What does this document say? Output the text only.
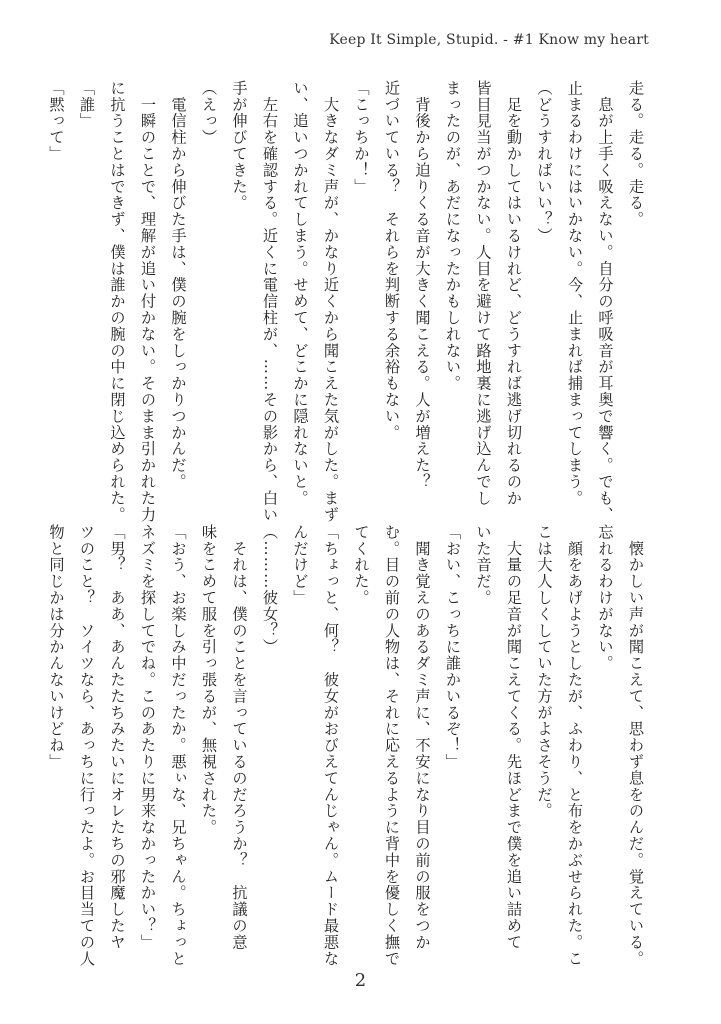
Keep It Simple, Stupid. - #1 Know my heart
走る。走る。走る。
　息が上手く吸えない。自分の呼吸音が耳奥で響く。でも、
止まるわけにはいかない。今、止まれば捕まってしまう。
（どうすればいい？）
　足を動かしてはいるけれど、どうすれば逃げ切れるのか
皆目見当がつかない。人目を避けて路地裏に逃げ込んでし
まったのが、あだになったかもしれない。
　背後から迫りくる音が大きく聞こえる。人が増えた？
近づいている？　それらを判断する余裕もない。
「こっちか！」
　大きなダミ声が、かなり近くから聞こえた気がした。まず
い、追いつかれてしまう。せめて、どこかに隠れないと。
　左右を確認する。近くに電信柱が、……その影から、白い
手が伸びてきた。
（えっ）
　電信柱から伸びた手は、僕の腕をしっかりつかんだ。
　一瞬のことで、理解が追い付かない。そのまま引かれた力
に抗うことはできず、僕は誰かの腕の中に閉じ込められた。
「誰」
「黙って」
　懐かしい声が聞こえて、思わず息をのんだ。覚えている。
忘れるわけがない。
　顔をあげようとしたが、ふわり、と布をかぶせられた。こ
こは大人しくしていた方がよさそうだ。
　大量の足音が聞こえてくる。先ほどまで僕を追い詰めて
いた音だ。
「おい、こっちに誰かいるぞ！」
　聞き覚えのあるダミ声に、不安になり目の前の服をつか
む。目の前の人物は、それに応えるように背中を優しく撫で
てくれた。
「ちょっと、何？　彼女がおびえてんじゃん。ムード最悪な
んだけど」
（………彼女？）
　それは、僕のことを言っているのだろうか？　抗議の意
味をこめて服を引っ張るが、無視された。
「おう、お楽しみ中だったか。悪ぃな、兄ちゃん。ちょっと
ネズミを探してでね。このあたりに男来なかったかい？」
「男？　ああ、あんたたちみたいにオレたちの邪魔したヤ
ツのこと？　ソイツなら、あっちに行ったよ。お目当ての人
物と同じかは分かんないけどね」
2
